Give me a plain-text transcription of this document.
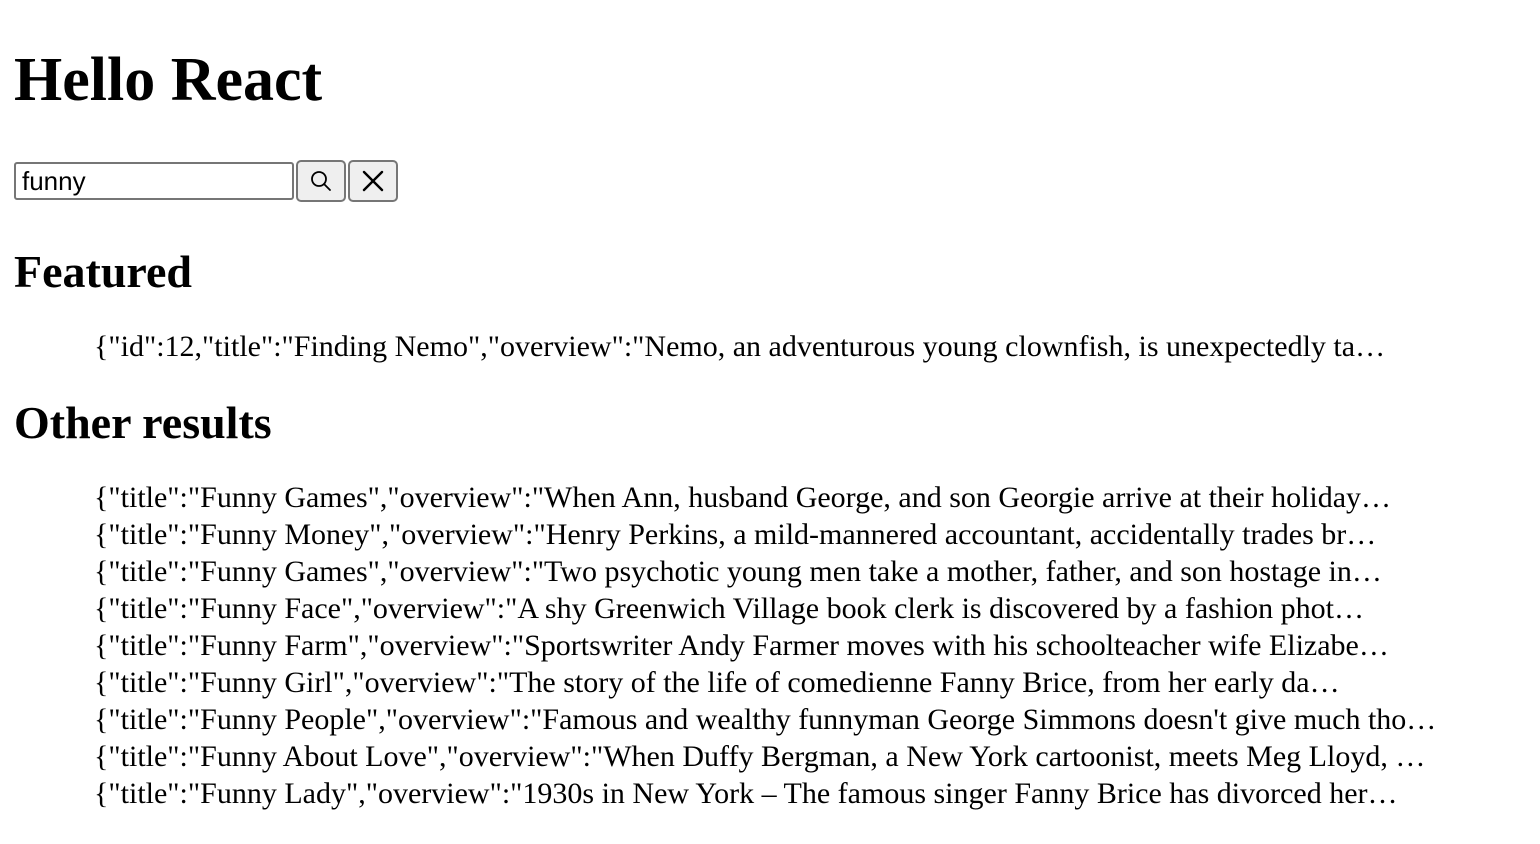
Hello React
funny
Featured
1. {"id":12,"title":"Finding Nemo","overview":"Nemo, an adventurous young clownfish, is unexpectedly ta…
Other results
1. {"title":"Funny Games","overview":"When Ann, husband George, and son Georgie arrive at their holiday…
2. {"title":"Funny Money","overview":"Henry Perkins, a mild-mannered accountant, accidentally trades br…
3. {"title":"Funny Games","overview":"Two psychotic young men take a mother, father, and son hostage in…
4. {"title":"Funny Face","overview":"A shy Greenwich Village book clerk is discovered by a fashion phot…
5. {"title":"Funny Farm","overview":"Sportswriter Andy Farmer moves with his schoolteacher wife Elizabe…
6. {"title":"Funny Girl","overview":"The story of the life of comedienne Fanny Brice, from her early da…
7. {"title":"Funny People","overview":"Famous and wealthy funnyman George Simmons doesn't give much tho…
8. {"title":"Funny About Love","overview":"When Duffy Bergman, a New York cartoonist, meets Meg Lloyd, …
9. {"title":"Funny Lady","overview":"1930s in New York – The famous singer Fanny Brice has divorced her…
